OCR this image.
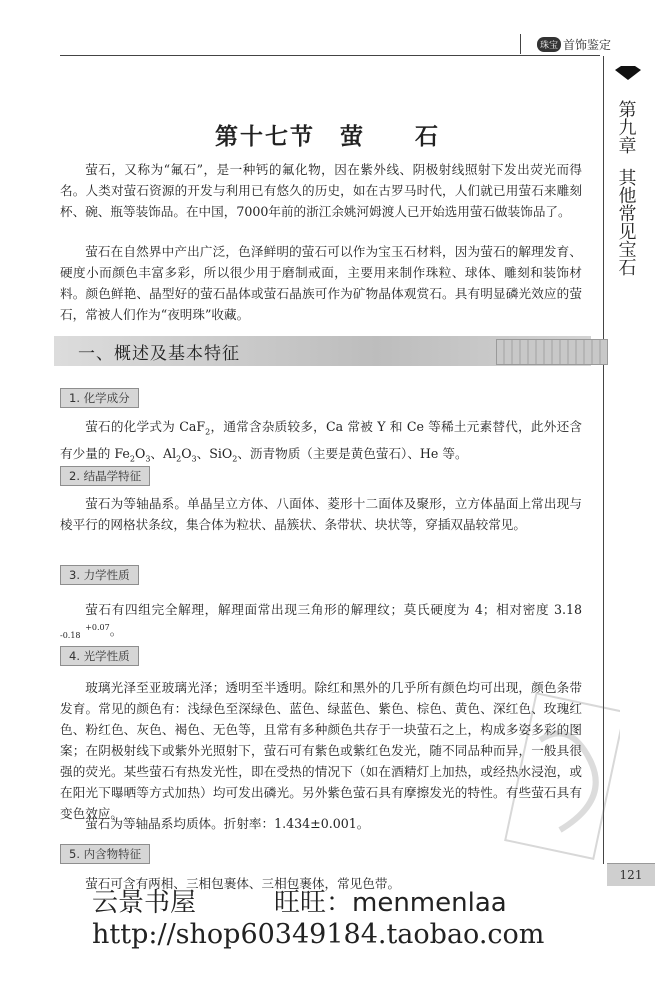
珠宝 首饰鉴定
第九章
其他常见宝石
第十七节　萤　　石
萤石，又称为“氟石”，是一种钙的氟化物，因在紫外线、阴极射线照射下发出荧光而得名。人类对萤石资源的开发与利用已有悠久的历史，如在古罗马时代，人们就已用萤石来雕刻杯、碗、瓶等装饰品。在中国，7000年前的浙江余姚河姆渡人已开始选用萤石做装饰品了。
萤石在自然界中产出广泛，色泽鲜明的萤石可以作为宝玉石材料，因为萤石的解理发育、硬度小而颜色丰富多彩，所以很少用于磨制戒面，主要用来制作珠粒、球体、雕刻和装饰材料。颜色鲜艳、晶型好的萤石晶体或萤石晶族可作为矿物晶体观赏石。具有明显磷光效应的萤石，常被人们作为“夜明珠”收藏。
一、概述及基本特征
1. 化学成分
萤石的化学式为 CaF$_2$，通常含杂质较多，Ca 常被 Y 和 Ce 等稀土元素替代，此外还含有少量的 $Fe_2O_3$、$Al_2O_3$、SiO$_2$、沥青物质（主要是黄色萤石）、He 等。
2. 结晶学特征
萤石为等轴晶系。单晶呈立方体、八面体、菱形十二面体及聚形，立方体晶面上常出现与棱平行的网格状条纹，集合体为粒状、晶簇状、条带状、块状等，穿插双晶较常见。
3. 力学性质
萤石有四组完全解理，解理面常出现三角形的解理纹；莫氏硬度为 4；相对密度 3.18+0.07
-0.18 。
4. 光学性质
玻璃光泽至亚玻璃光泽；透明至半透明。除红和黑外的几乎所有颜色均可出现，颜色条带发育。常见的颜色有：浅绿色至深绿色、蓝色、绿蓝色、紫色、棕色、黄色、深红色、玫瑰红色、粉红色、灰色、褐色、无色等，且常有多种颜色共存于一块萤石之上，构成多姿多彩的图案；在阴极射线下或紫外光照射下，萤石可有紫色或紫红色发光，随不同品种而异，一般具很强的荧光。某些萤石有热发光性，即在受热的情况下（如在酒精灯上加热，或经热水浸泡，或在阳光下曝晒等方式加热）均可发出磷光。另外紫色萤石具有摩擦发光的特性。有些萤石具有变色效应。
萤石为等轴晶系均质体。折射率：1.434±0.001。
5. 内含物特征
萤石可含有两相、三相包裹体、三相包裹体，常见色带。
121
云景书屋　　　旺旺：menmenlaa
http://shop60349184.taobao.com
